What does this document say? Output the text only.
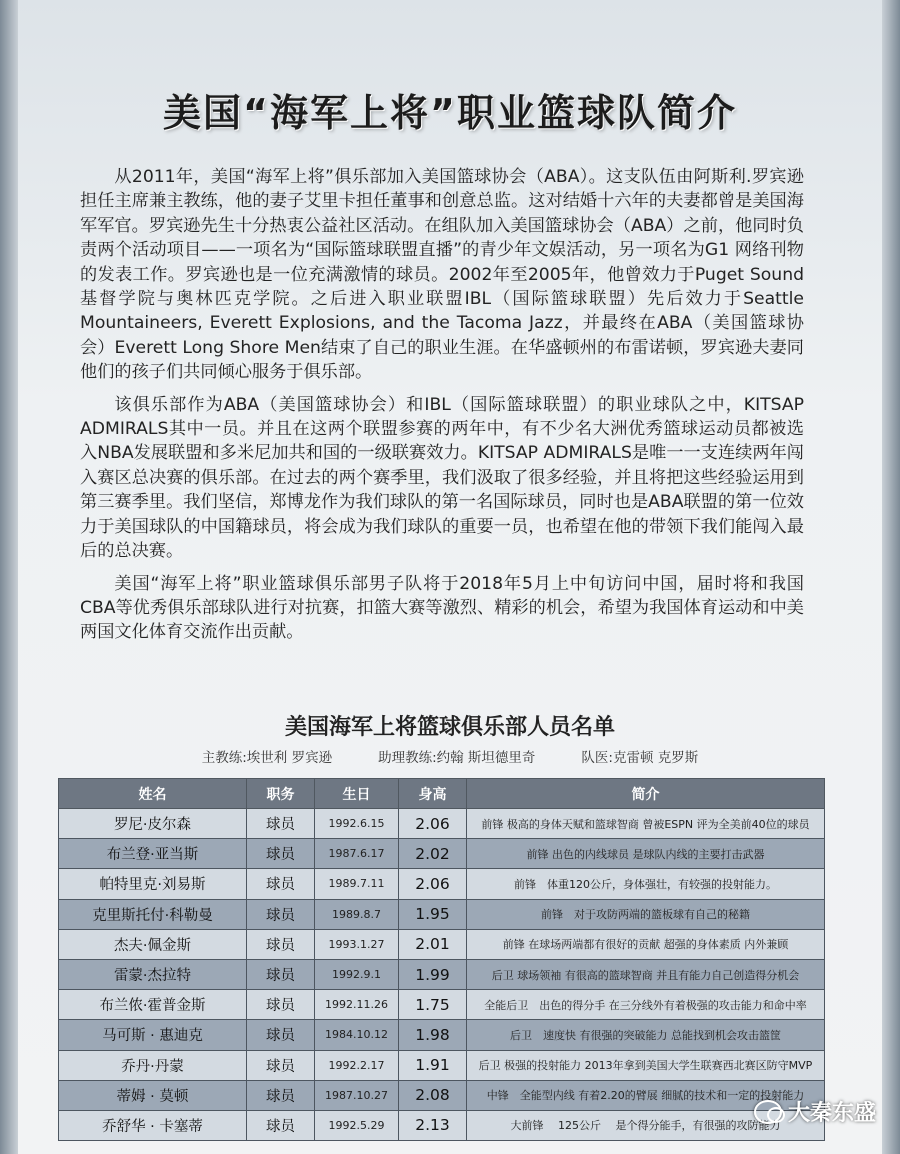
美国“海军上将”职业篮球队简介

从2011年，美国“海军上将”俱乐部加入美国篮球协会（ABA）。这支队伍由阿斯利.罗宾逊担任主席兼主教练，他的妻子艾里卡担任董事和创意总监。这对结婚十六年的夫妻都曾是美国海军军官。罗宾逊先生十分热衷公益社区活动。在组队加入美国篮球协会（ABA）之前，他同时负责两个活动项目——一项名为“国际篮球联盟直播”的青少年文娱活动，另一项名为G1 网络刊物的发表工作。罗宾逊也是一位充满激情的球员。2002年至2005年，他曾效力于Puget Sound基督学院与奥林匹克学院。之后进入职业联盟IBL（国际篮球联盟）先后效力于Seattle Mountaineers, Everett Explosions, and the Tacoma Jazz，并最终在ABA（美国篮球协会）Everett Long Shore Men结束了自己的职业生涯。在华盛顿州的布雷诺顿，罗宾逊夫妻同他们的孩子们共同倾心服务于俱乐部。

该俱乐部作为ABA（美国篮球协会）和IBL（国际篮球联盟）的职业球队之中，KITSAP ADMIRALS其中一员。并且在这两个联盟参赛的两年中，有不少名大洲优秀篮球运动员都被选入NBA发展联盟和多米尼加共和国的一级联赛效力。KITSAP ADMIRALS是唯一一支连续两年闯入赛区总决赛的俱乐部。在过去的两个赛季里，我们汲取了很多经验，并且将把这些经验运用到第三赛季里。我们坚信，郑博龙作为我们球队的第一名国际球员，同时也是ABA联盟的第一位效力于美国球队的中国籍球员，将会成为我们球队的重要一员，也希望在他的带领下我们能闯入最后的总决赛。

美国“海军上将”职业篮球俱乐部男子队将于2018年5月上中旬访问中国，届时将和我国CBA等优秀俱乐部球队进行对抗赛，扣篮大赛等激烈、精彩的机会，希望为我国体育运动和中美两国文化体育交流作出贡献。

美国海军上将篮球俱乐部人员名单
主教练:埃世利 罗宾逊	助理教练:约翰 斯坦德里奇	队医:克雷顿 克罗斯
姓名	职务	生日	身高	简介
罗尼·皮尔森	球员	1992.6.15	2.06	前锋 极高的身体天赋和篮球智商 曾被ESPN 评为全美前40位的球员
布兰登·亚当斯	球员	1987.6.17	2.02	前锋 出色的内线球员 是球队内线的主要打击武器
帕特里克·刘易斯	球员	1989.7.11	2.06	前锋　体重120公斤，身体强壮，有较强的投射能力。
克里斯托付·科勒曼	球员	1989.8.7	1.95	前锋　对于攻防两端的篮板球有自己的秘籍
杰夫·佩金斯	球员	1993.1.27	2.01	前锋 在球场两端都有很好的贡献 超强的身体素质 内外兼顾
雷蒙·杰拉特	球员	1992.9.1	1.99	后卫 球场领袖 有很高的篮球智商 并且有能力自己创造得分机会
布兰侬·霍普金斯	球员	1992.11.26	1.75	全能后卫　出色的得分手 在三分线外有着极强的攻击能力和命中率
马可斯 · 惠迪克	球员	1984.10.12	1.98	后卫　速度快 有很强的突破能力 总能找到机会攻击篮筐
乔丹·丹蒙	球员	1992.2.17	1.91	后卫 极强的投射能力 2013年拿到美国大学生联赛西北赛区防守MVP
蒂姆 · 莫顿	球员	1987.10.27	2.08	中锋　全能型内线 有着2.20的臂展 细腻的技术和一定的投射能力
乔舒华 · 卡塞蒂	球员	1992.5.29	2.13	大前锋　 125公斤　 是个得分能手，有很强的攻防能力 大秦东盛
